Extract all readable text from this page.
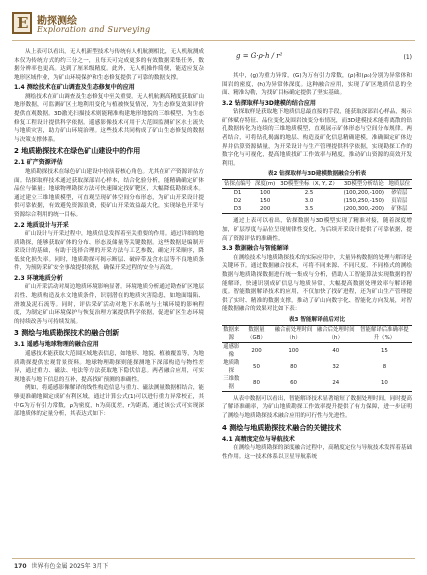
E 勘探测绘
Exploration and Surveying

从上表可以看出，无人机新型技术与传统有人机航测相比，无人机航测成本仅为传统方式的约三分之一，且每天可完成更多的有效数据采集任务，数据分辨率也更高。达到了厘米级精度。此外，无人机操作简便，能适应复杂地形区域作业，为矿山环境保护和生态修复提供了可靠的数据支撑。

1.4 测绘技术在矿山调查及生态修复中的应用

测绘技术在矿山调查及生态修复中至关重要。无人机航测高精度获取矿山地形数据，可监测矿区土地利用变化与植被恢复情况，为生态修复效果评价提供直观数据。3D激光扫描技术则能精准构建地形地貌的三维模型，为生态修复工程设计提供科学依据。遥感影像技术可用于大范围监测矿区水土流失与地质灾害，助力矿山环境治理。这些技术共同构成了矿山生态修复的数据与决策支撑体系。

2 地质勘探技术在绿色矿山建设中的作用

2.1 矿产资源评估

地质勘探技术在绿色矿山建设中扮演着核心角色。尤其在矿产资源评估方面。钻探取样技术通过获取深部岩心样本，结合化验分析，能精确确定矿体品位与储量；地球物理勘探方法可快速圈定找矿靶区，大幅降低勘探成本。通过建立三维地质模型，可直观呈现矿体空间分布形态，为矿山开采设计提供可靠依据，有效避免资源浪费，使矿山开采效益最大化，实现绿色开采与资源综合利用的统一目标。

2.2 地质设计与开采

矿山设计与开采过程中，地质信息发挥着至关重要的作用。通过详细的地质勘探，能够获取矿体的分布、形态及储量等关键数据。这些数据是编制开采设计的基础，有助于选择合理的开采方法与工艺参数，确定开采顺序，降低贫化损失率。同时，地质勘探可揭示断层、破碎带及含水层等不良地质条件，为预防采矿安全事故提供依据，确保开采过程的安全与高效。

2.3 环境地质分析

矿山开采活动对周边地质环境影响显著。环境地质分析通过勘查矿区地层岩性、地质构造及水文地质条件，识别潜在的地质灾害隐患，如地面塌陷、滑坡及泥石流等。同时，评估采矿活动对地下水系统与土壤环境的影响程度，为制定矿山环境保护与恢复治理方案提供科学依据，促进矿区生态环境的持续改善与可持续发展。

3 测绘与地质勘探技术的融合创新

3.1 遥感与地球物理的融合应用

遥感技术能获取大范围区域地表信息，如地形、地貌、植被覆盖等，为地质勘探提供宏观背景资料。地球物理勘探则能探测地下深部构造与物性差异，通过重力、磁法、电法等方法获取地下隐伏信息。两者融合应用，可实现地表与地下信息的互补，提高找矿预测的准确性。

例如，将遥感影像解译的线性构造信息与重力、磁法测量数据相结合，能够更准确地圈定成矿有利区域，通过计算公式(1)可以进行重力异常校正，其中G为万有引力常数，ρ为密度，h为高度差，r为距离，通过该公式可实现深部地质体的定量分析，其表达式如下：

g = G·ρ·h / r²	(1)

其中，(g)为重力异常，(G)为万有引力常数，(ρ)和(ρ₀)分别为异常体和围岩的密度，(h)为异常体深度。这种融合应用，实现了矿区地质信息的全面、精准勾勒，为找矿目标确定提供了坚实基础。

3.2 钻探取样与3D建模的结合应用

钻探取样是获取地下地质信息最直接的手段，能获取深部岩心样品，揭示矿体赋存特征、品位变化及围岩蚀变分布情况，而3D建模技术能将离散的钻孔数据转化为连续的三维地质模型，直观展示矿体形态与空间分布规律。两者结合，可将钻孔揭露的地层、构造及矿化信息精确建模，准确圈定矿体边界并估算资源储量，为开采设计与生产管理提供科学依据，实现勘探工作的数字化与可视化，提高地质找矿工作效率与精度，推动矿山资源的高效开发利用。

表2 钻探取样与3D建模数据融合分析表

钻探点编号	深度(m)	3D模型坐标（X, Y, Z）	3D模型分析结论	地质层位
D1	100	2.5	(100,200,-100)	砂岩层
D2	150	3.0	(150,250,-150)	页岩层
D3	200	3.5	(200,300,-200)	矿体层

通过上表可以看出，钻探数据与3D模型实现了精准对接，随着深度增加，矿层厚度与品位呈现规律性变化，为后续开采设计提供了可靠依据，提高了资源评估的准确性。

3.3 数据融合与智能解译

在测绘技术与地质勘探技术的实际应用中，大量异构数据的处理与解译是关键环节。通过数据融合技术，可将不同来源、不同尺度、不同格式的测绘数据与地质勘探数据进行统一集成与分析，借助人工智能算法实现数据的智能解译，快速识别成矿信息与地质异常，大幅提高数据处理效率与解译精度。智能数据解译技术的应用，不仅加快了找矿进程，还为矿山生产管理提供了实时、精准的数据支撑，推动了矿山向数字化、智能化方向发展，对智能数据融合的效果对比如下表：

表3 智能解译前后对比

数据来源	数据量（GB）	融合前处理时间（h）	融合后处理时间（h）	智能解译后准确率提升（%）
遥感影像	200	100	40	15
地质勘探	50	80	32	8
三维数据	80	60	24	10

从表中数据可以看出，智能解译技术显著缩短了数据处理时间，同时提高了解译准确率，为矿山地质勘探工作效率提升提供了有力保障，进一步证明了测绘与地质勘探技术融合应用的可行性与先进性。

4 测绘与地质勘探技术融合的关键技术

4.1 高精度定位与导航技术

在测绘与地质勘探的深度融合过程中，高精度定位与导航技术发挥着基础性作用。这一技术体系以卫星导航系统

170 世界有色金属 2025年 3月下
